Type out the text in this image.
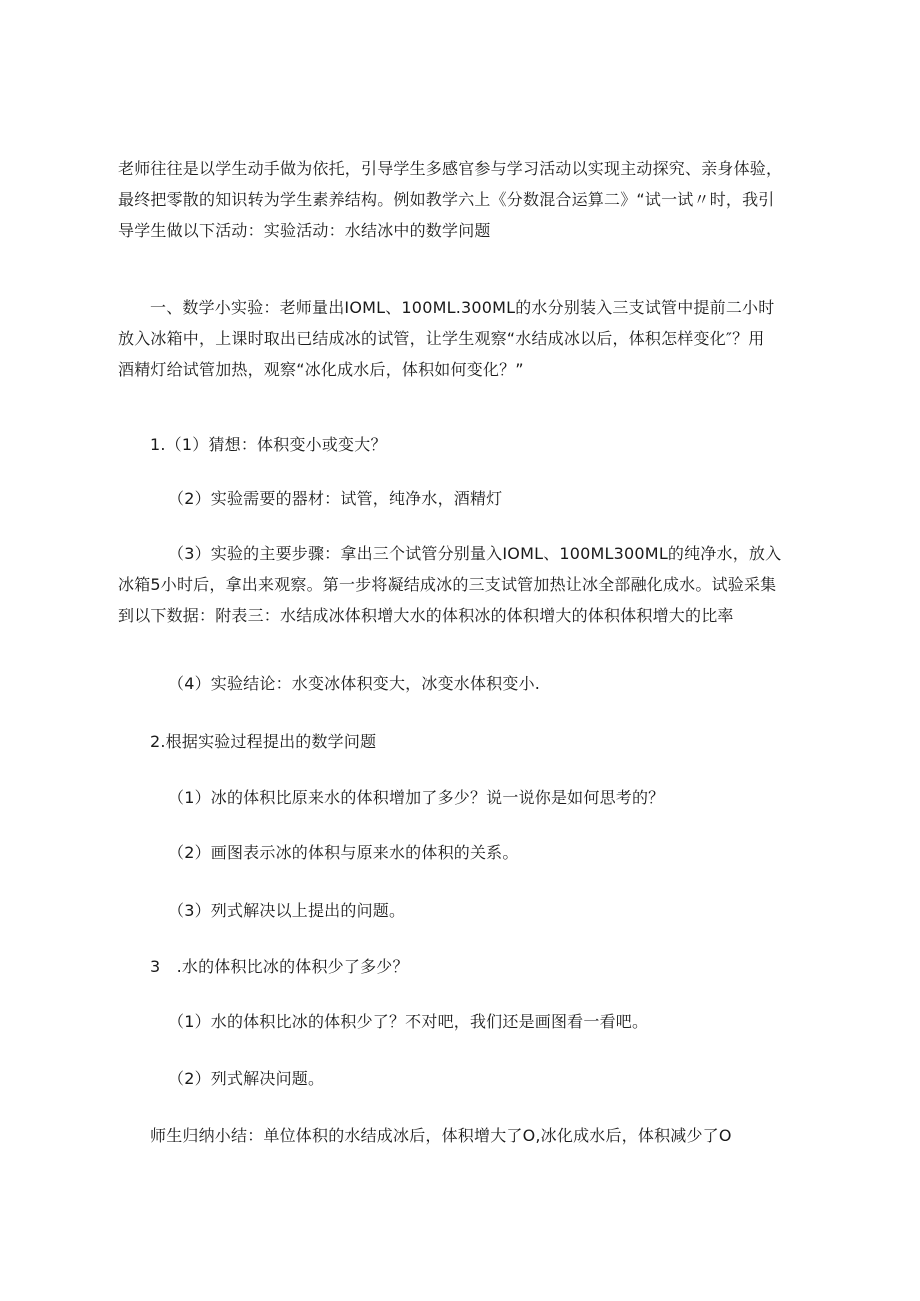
老师往往是以学生动手做为依托，引导学生多感官参与学习活动以实现主动探究、亲身体验，
最终把零散的知识转为学生素养结构。例如教学六上《分数混合运算二》“试一试〃时，我引
导学生做以下活动：实验活动：水结冰中的数学问题

一、数学小实验：老师量出IOML、100ML.300ML的水分别装入三支试管中提前二小时
放入冰箱中，上课时取出已结成冰的试管，让学生观察“水结成冰以后，体积怎样变化″？用
酒精灯给试管加热，观察“冰化成水后，体积如何变化？”

1.（1）猜想：体积变小或变大？

（2）实验需要的器材：试管，纯净水，酒精灯

（3）实验的主要步骤：拿出三个试管分别量入IOML、100ML300ML的纯净水，放入
冰箱5小时后，拿出来观察。第一步将凝结成冰的三支试管加热让冰全部融化成水。试验采集
到以下数据：附表三：水结成冰体积增大水的体积冰的体积增大的体积体积增大的比率

（4）实验结论：水变冰体积变大，冰变水体积变小.

2.根据实验过程提出的数学问题

（1）冰的体积比原来水的体积增加了多少？说一说你是如何思考的？

（2）画图表示冰的体积与原来水的体积的关系。

（3）列式解决以上提出的问题。

3　.水的体积比冰的体积少了多少？

（1）水的体积比冰的体积少了？不对吧，我们还是画图看一看吧。

（2）列式解决问题。

师生归纳小结：单位体积的水结成冰后，体积增大了O,冰化成水后，体积减少了O
